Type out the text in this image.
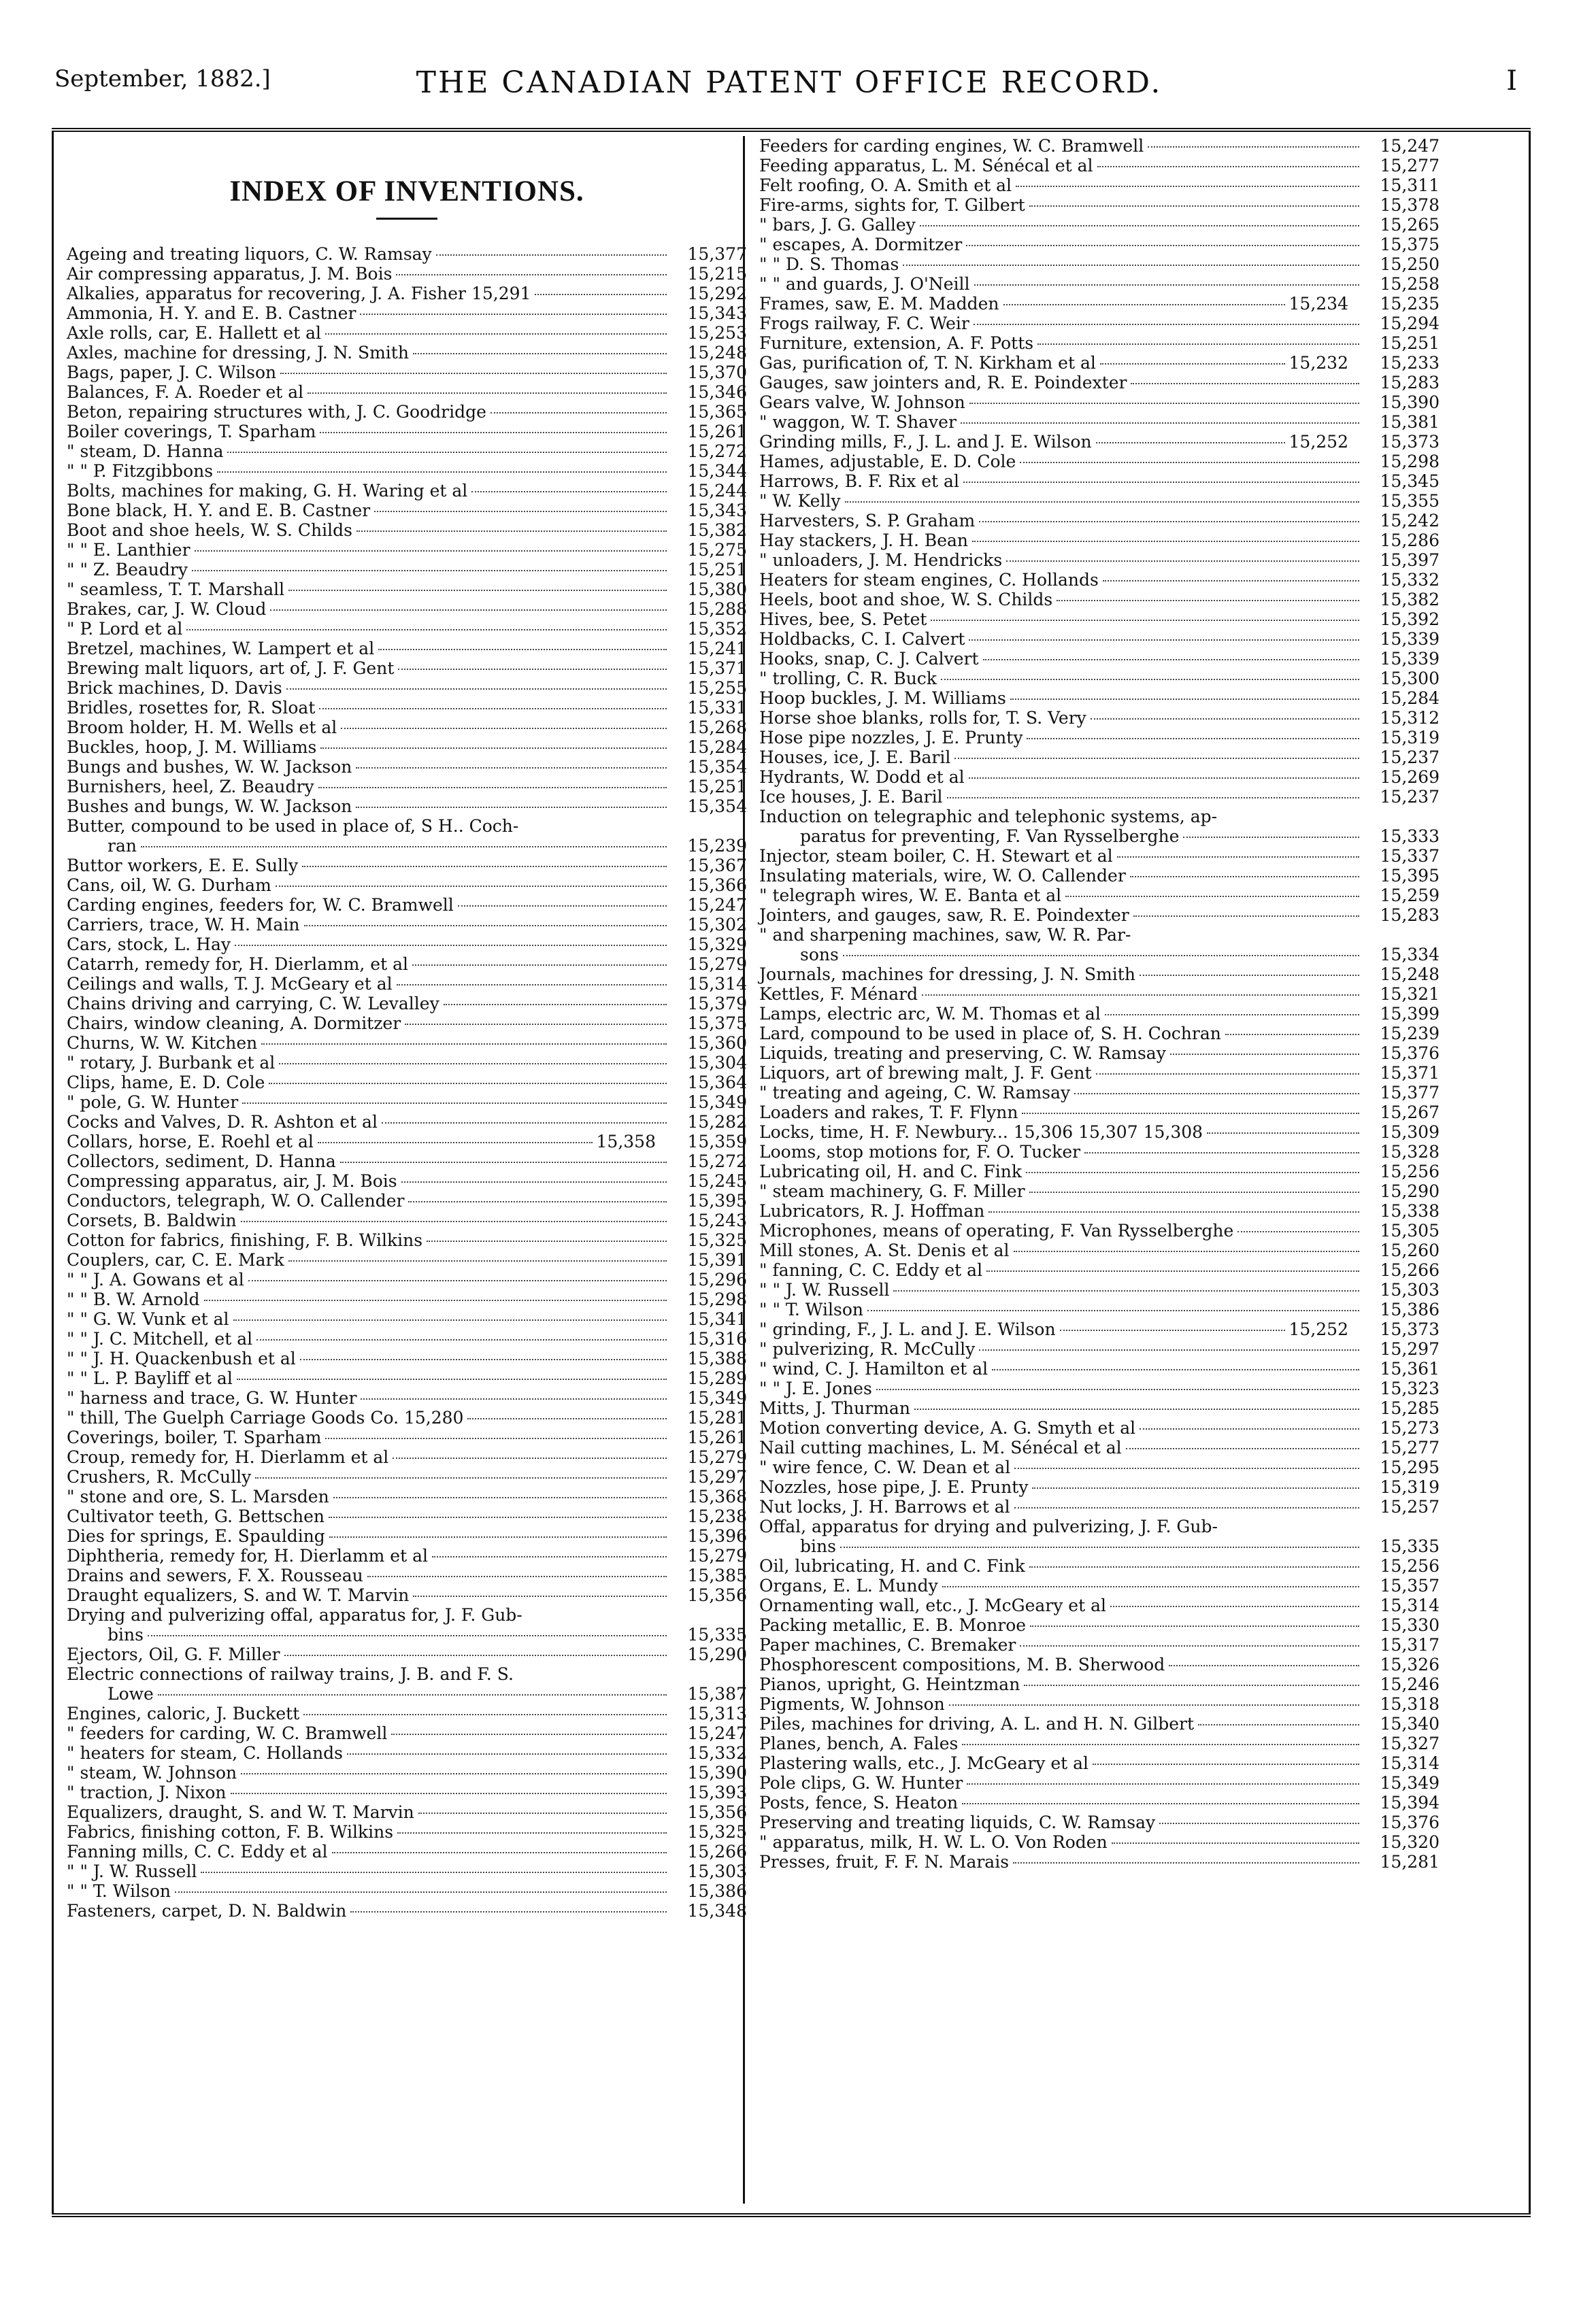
September, 1882.]	THE CANADIAN PATENT OFFICE RECORD.	I
INDEX OF INVENTIONS.
Ageing and treating liquors, C. W. Ramsay	15,377
Air compressing apparatus, J. M. Bois	15,215
Alkalies, apparatus for recovering, J. A. Fisher 15,291	15,292
Ammonia, H. Y. and E. B. Castner	15,343
Axle rolls, car, E. Hallett et al	15,253
Axles, machine for dressing, J. N. Smith	15,248
Bags, paper, J. C. Wilson	15,370
Balances, F. A. Roeder et al	15,346
Beton, repairing structures with, J. C. Goodridge	15,365
Boiler coverings, T. Sparham	15,261
" steam, D. Hanna	15,272
" " P. Fitzgibbons	15,344
Bolts, machines for making, G. H. Waring et al	15,244
Bone black, H. Y. and E. B. Castner	15,343
Boot and shoe heels, W. S. Childs	15,382
" " E. Lanthier	15,275
" " Z. Beaudry	15,251
" seamless, T. T. Marshall	15,380
Brakes, car, J. W. Cloud	15,288
" P. Lord et al	15,352
Bretzel, machines, W. Lampert et al	15,241
Brewing malt liquors, art of, J. F. Gent	15,371
Brick machines, D. Davis	15,255
Bridles, rosettes for, R. Sloat	15,331
Broom holder, H. M. Wells et al	15,268
Buckles, hoop, J. M. Williams	15,284
Bungs and bushes, W. W. Jackson	15,354
Burnishers, heel, Z. Beaudry	15,251
Bushes and bungs, W. W. Jackson	15,354
Butter, compound to be used in place of, S H.. Coch-
ran	15,239
Buttor workers, E. E. Sully	15,367
Cans, oil, W. G. Durham	15,366
Carding engines, feeders for, W. C. Bramwell	15,247
Carriers, trace, W. H. Main	15,302
Cars, stock, L. Hay	15,329
Catarrh, remedy for, H. Dierlamm, et al	15,279
Ceilings and walls, T. J. McGeary et al	15,314
Chains driving and carrying, C. W. Levalley	15,379
Chairs, window cleaning, A. Dormitzer	15,375
Churns, W. W. Kitchen	15,360
" rotary, J. Burbank et al	15,304
Clips, hame, E. D. Cole	15,364
" pole, G. W. Hunter	15,349
Cocks and Valves, D. R. Ashton et al	15,282
Collars, horse, E. Roehl et al	15,358	15,359
Collectors, sediment, D. Hanna	15,272
Compressing apparatus, air, J. M. Bois	15,245
Conductors, telegraph, W. O. Callender	15,395
Corsets, B. Baldwin	15,243
Cotton for fabrics, finishing, F. B. Wilkins	15,325
Couplers, car, C. E. Mark	15,391
" " J. A. Gowans et al	15,296
" " B. W. Arnold	15,298
" " G. W. Vunk et al	15,341
" " J. C. Mitchell, et al	15,316
" " J. H. Quackenbush et al	15,388
" " L. P. Bayliff et al	15,289
" harness and trace, G. W. Hunter	15,349
" thill, The Guelph Carriage Goods Co. 15,280	15,281
Coverings, boiler, T. Sparham	15,261
Croup, remedy for, H. Dierlamm et al	15,279
Crushers, R. McCully	15,297
" stone and ore, S. L. Marsden	15,368
Cultivator teeth, G. Bettschen	15,238
Dies for springs, E. Spaulding	15,396
Diphtheria, remedy for, H. Dierlamm et al	15,279
Drains and sewers, F. X. Rousseau	15,385
Draught equalizers, S. and W. T. Marvin	15,356
Drying and pulverizing offal, apparatus for, J. F. Gub-
bins	15,335
Ejectors, Oil, G. F. Miller	15,290
Electric connections of railway trains, J. B. and F. S.
Lowe	15,387
Engines, caloric, J. Buckett	15,313
" feeders for carding, W. C. Bramwell	15,247
" heaters for steam, C. Hollands	15,332
" steam, W. Johnson	15,390
" traction, J. Nixon	15,393
Equalizers, draught, S. and W. T. Marvin	15,356
Fabrics, finishing cotton, F. B. Wilkins	15,325
Fanning mills, C. C. Eddy et al	15,266
" " J. W. Russell	15,303
" " T. Wilson	15,386
Fasteners, carpet, D. N. Baldwin	15,348
Feeders for carding engines, W. C. Bramwell	15,247
Feeding apparatus, L. M. Sénécal et al	15,277
Felt roofing, O. A. Smith et al	15,311
Fire-arms, sights for, T. Gilbert	15,378
" bars, J. G. Galley	15,265
" escapes, A. Dormitzer	15,375
" " D. S. Thomas	15,250
" " and guards, J. O'Neill	15,258
Frames, saw, E. M. Madden	15,234	15,235
Frogs railway, F. C. Weir	15,294
Furniture, extension, A. F. Potts	15,251
Gas, purification of, T. N. Kirkham et al	15,232	15,233
Gauges, saw jointers and, R. E. Poindexter	15,283
Gears valve, W. Johnson	15,390
" waggon, W. T. Shaver	15,381
Grinding mills, F., J. L. and J. E. Wilson	15,252	15,373
Hames, adjustable, E. D. Cole	15,298
Harrows, B. F. Rix et al	15,345
" W. Kelly	15,355
Harvesters, S. P. Graham	15,242
Hay stackers, J. H. Bean	15,286
" unloaders, J. M. Hendricks	15,397
Heaters for steam engines, C. Hollands	15,332
Heels, boot and shoe, W. S. Childs	15,382
Hives, bee, S. Petet	15,392
Holdbacks, C. I. Calvert	15,339
Hooks, snap, C. J. Calvert	15,339
" trolling, C. R. Buck	15,300
Hoop buckles, J. M. Williams	15,284
Horse shoe blanks, rolls for, T. S. Very	15,312
Hose pipe nozzles, J. E. Prunty	15,319
Houses, ice, J. E. Baril	15,237
Hydrants, W. Dodd et al	15,269
Ice houses, J. E. Baril	15,237
Induction on telegraphic and telephonic systems, ap-
paratus for preventing, F. Van Rysselberghe	15,333
Injector, steam boiler, C. H. Stewart et al	15,337
Insulating materials, wire, W. O. Callender	15,395
" telegraph wires, W. E. Banta et al	15,259
Jointers, and gauges, saw, R. E. Poindexter	15,283
" and sharpening machines, saw, W. R. Par-
sons	15,334
Journals, machines for dressing, J. N. Smith	15,248
Kettles, F. Ménard	15,321
Lamps, electric arc, W. M. Thomas et al	15,399
Lard, compound to be used in place of, S. H. Cochran	15,239
Liquids, treating and preserving, C. W. Ramsay	15,376
Liquors, art of brewing malt, J. F. Gent	15,371
" treating and ageing, C. W. Ramsay	15,377
Loaders and rakes, T. F. Flynn	15,267
Locks, time, H. F. Newbury... 15,306 15,307 15,308	15,309
Looms, stop motions for, F. O. Tucker	15,328
Lubricating oil, H. and C. Fink	15,256
" steam machinery, G. F. Miller	15,290
Lubricators, R. J. Hoffman	15,338
Microphones, means of operating, F. Van Rysselberghe	15,305
Mill stones, A. St. Denis et al	15,260
" fanning, C. C. Eddy et al	15,266
" " J. W. Russell	15,303
" " T. Wilson	15,386
" grinding, F., J. L. and J. E. Wilson	15,252	15,373
" pulverizing, R. McCully	15,297
" wind, C. J. Hamilton et al	15,361
" " J. E. Jones	15,323
Mitts, J. Thurman	15,285
Motion converting device, A. G. Smyth et al	15,273
Nail cutting machines, L. M. Sénécal et al	15,277
" wire fence, C. W. Dean et al	15,295
Nozzles, hose pipe, J. E. Prunty	15,319
Nut locks, J. H. Barrows et al	15,257
Offal, apparatus for drying and pulverizing, J. F. Gub-
bins	15,335
Oil, lubricating, H. and C. Fink	15,256
Organs, E. L. Mundy	15,357
Ornamenting wall, etc., J. McGeary et al	15,314
Packing metallic, E. B. Monroe	15,330
Paper machines, C. Bremaker	15,317
Phosphorescent compositions, M. B. Sherwood	15,326
Pianos, upright, G. Heintzman	15,246
Pigments, W. Johnson	15,318
Piles, machines for driving, A. L. and H. N. Gilbert	15,340
Planes, bench, A. Fales	15,327
Plastering walls, etc., J. McGeary et al	15,314
Pole clips, G. W. Hunter	15,349
Posts, fence, S. Heaton	15,394
Preserving and treating liquids, C. W. Ramsay	15,376
" apparatus, milk, H. W. L. O. Von Roden	15,320
Presses, fruit, F. F. N. Marais	15,281
